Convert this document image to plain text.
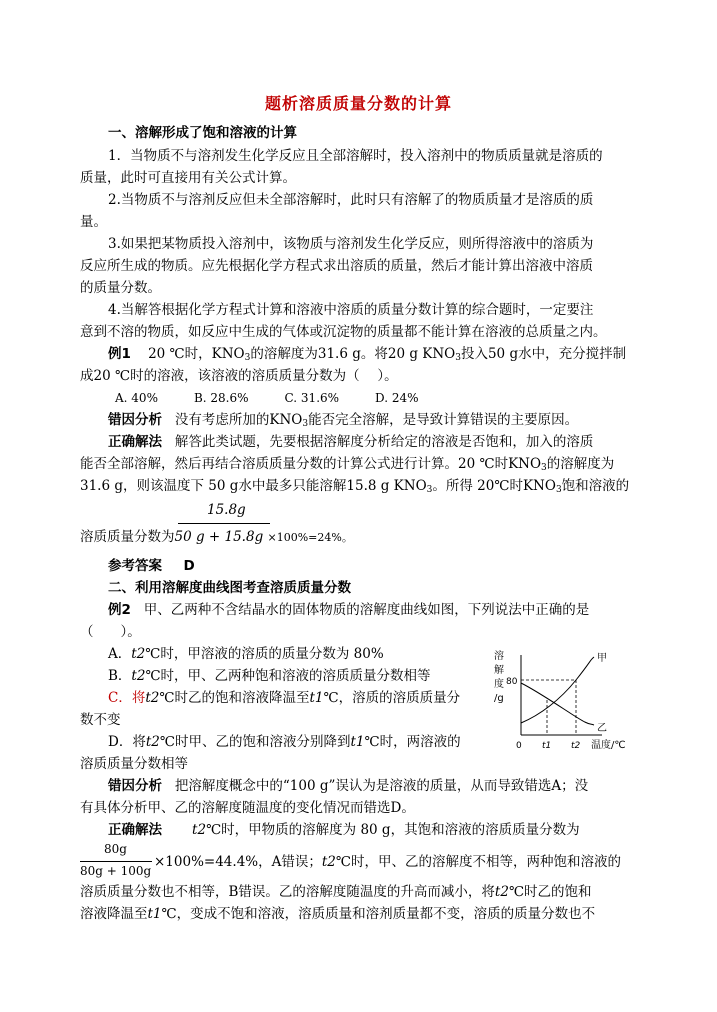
题析溶质质量分数的计算
一、溶解形成了饱和溶液的计算
1．当物质不与溶剂发生化学反应且全部溶解时，投入溶剂中的物质质量就是溶质的
质量，此时可直接用有关公式计算。
2.当物质不与溶剂反应但未全部溶解时，此时只有溶解了的物质质量才是溶质的质
量。
3.如果把某物质投入溶剂中，该物质与溶剂发生化学反应，则所得溶液中的溶质为
反应所生成的物质。应先根据化学方程式求出溶质的质量，然后才能计算出溶液中溶质
的质量分数。
4.当解答根据化学方程式计算和溶液中溶质的质量分数计算的综合题时，一定要注
意到不溶的物质，如反应中生成的气体或沉淀物的质量都不能计算在溶液的总质量之内。
例1 20 ℃时，$KNO_3$的溶解度为31.6 g。将20 g $KNO_3$投入50 g水中，充分搅拌制
成20 ℃时的溶液，该溶液的溶质质量分数为（　 ）。
A. 40%　　　B. 28.6%　　　C. 31.6%　　　D. 24%
错因分析 没有考虑所加的$KNO_3$能否完全溶解，是导致计算错误的主要原因。
正确解法 解答此类试题，先要根据溶解度分析给定的溶液是否饱和，加入的溶质
能否全部溶解，然后再结合溶质质量分数的计算公式进行计算。20 ℃时$KNO_3$的溶解度为
31.6 g，则该温度下 50 g水中最多只能溶解15.8 g $KNO_3$。所得 20℃时$KNO_3$饱和溶液的
15.8g
溶质质量分数为50 g + 15.8g ×100%=24%。
参考答案 D
二、利用溶解度曲线图考查溶质质量分数
例2 甲、乙两种不含结晶水的固体物质的溶解度曲线如图，下列说法中正确的是
（　　）。
A．t2℃时，甲溶液的溶质的质量分数为 80%
B．t2℃时，甲、乙两种饱和溶液的溶质质量分数相等
C．将t2℃时乙的饱和溶液降温至t1℃，溶质的溶质质量分
数不变
D．将t2℃时甲、乙的饱和溶液分别降到t1℃时，两溶液的
溶质质量分数相等
溶
解
度
/g
80
甲
乙
0 t1 t2 温度/℃
错因分析 把溶解度概念中的“100 g”误认为是溶液的质量，从而导致错选A；没
有具体分析甲、乙的溶解度随温度的变化情况而错选D。
正确解法 t2℃时，甲物质的溶解度为 80 g，其饱和溶液的溶质质量分数为
80g
80g + 100g
×100%=44.4%，A错误；t2℃时，甲、乙的溶解度不相等，两种饱和溶液的
溶质质量分数也不相等，B错误。乙的溶解度随温度的升高而减小，将t2℃时乙的饱和
溶液降温至t1℃，变成不饱和溶液，溶质质量和溶剂质量都不变，溶质的质量分数也不
